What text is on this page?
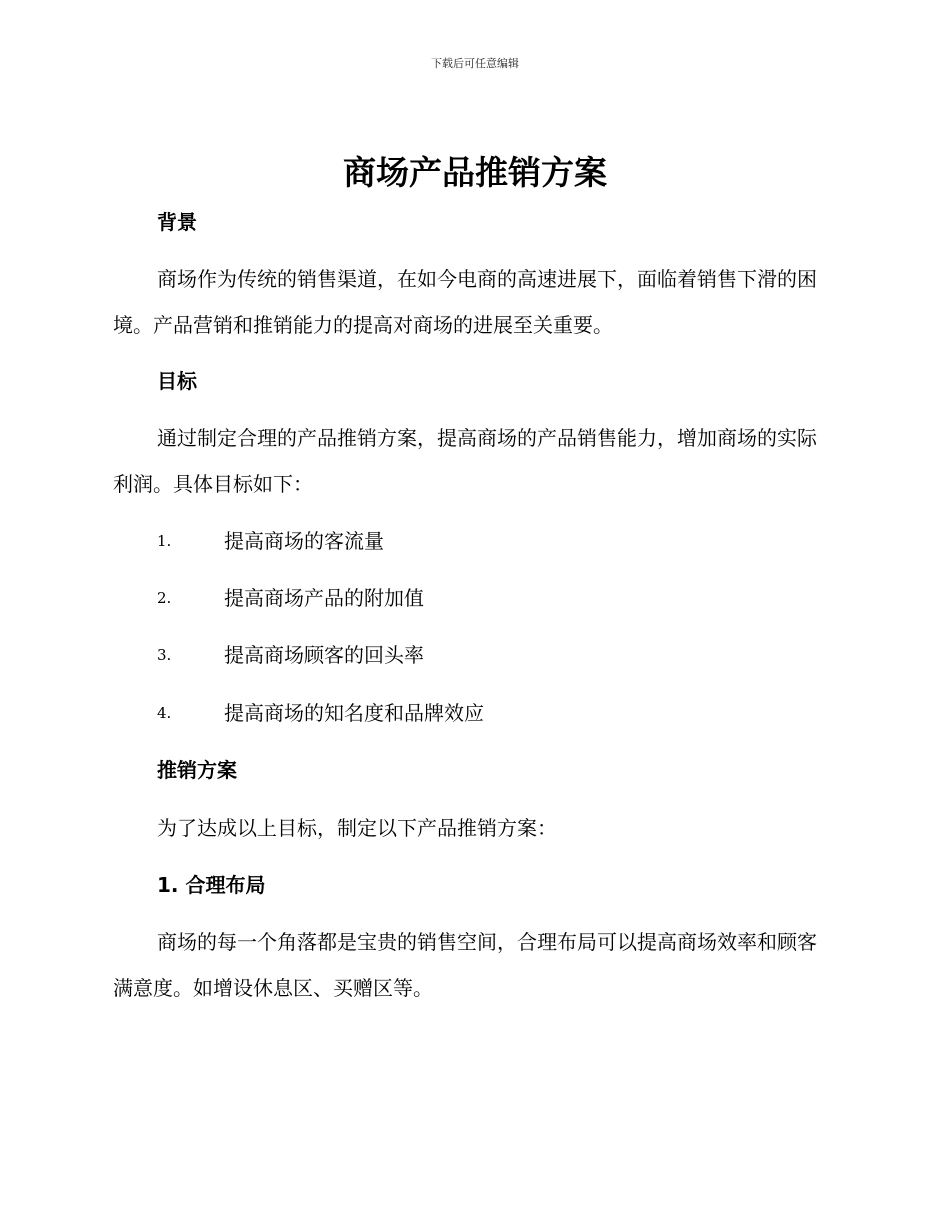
下载后可任意编辑
商场产品推销方案
背景

商场作为传统的销售渠道，在如今电商的高速进展下，面临着销售下滑的困境。产品营销和推销能力的提高对商场的进展至关重要。

目标

通过制定合理的产品推销方案，提高商场的产品销售能力，增加商场的实际利润。具体目标如下：

1.	提高商场的客流量
2.	提高商场产品的附加值
3.	提高商场顾客的回头率
4.	提高商场的知名度和品牌效应
推销方案

为了达成以上目标，制定以下产品推销方案：

1. 合理布局

商场的每一个角落都是宝贵的销售空间，合理布局可以提高商场效率和顾客满意度。如增设休息区、买赠区等。
